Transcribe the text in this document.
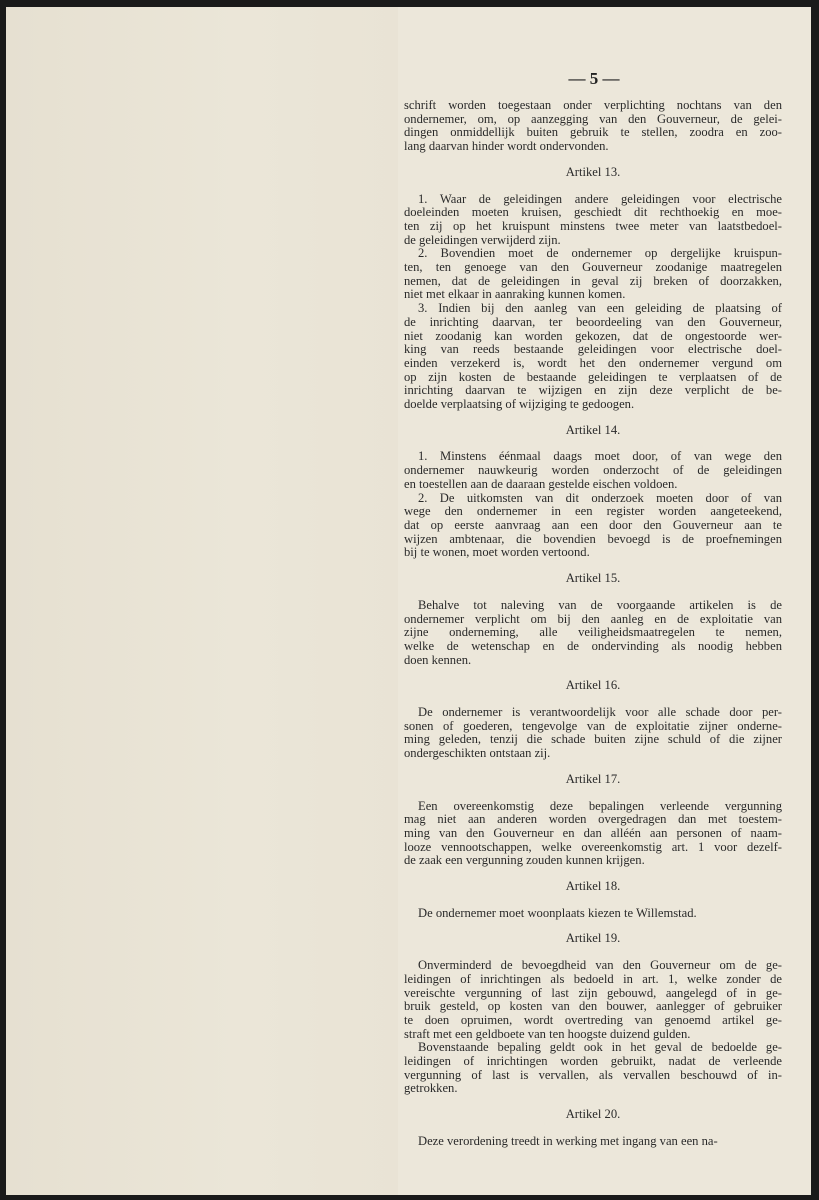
— 5 —

schrift worden toegestaan onder verplichting nochtans van den

ondernemer, om, op aanzegging van den Gouverneur, de gelei-

dingen onmiddellijk buiten gebruik te stellen, zoodra en zoo-

lang daarvan hinder wordt ondervonden.

Artikel 13.

1. Waar de geleidingen andere geleidingen voor electrische

doeleinden moeten kruisen, geschiedt dit rechthoekig en moe-

ten zij op het kruispunt minstens twee meter van laatstbedoel-

de geleidingen verwijderd zijn.

2. Bovendien moet de ondernemer op dergelijke kruispun-

ten, ten genoege van den Gouverneur zoodanige maatregelen

nemen, dat de geleidingen in geval zij breken of doorzakken,

niet met elkaar in aanraking kunnen komen.

3. Indien bij den aanleg van een geleiding de plaatsing of

de inrichting daarvan, ter beoordeeling van den Gouverneur,

niet zoodanig kan worden gekozen, dat de ongestoorde wer-

king van reeds bestaande geleidingen voor electrische doel-

einden verzekerd is, wordt het den ondernemer vergund om

op zijn kosten de bestaande geleidingen te verplaatsen of de

inrichting daarvan te wijzigen en zijn deze verplicht de be-

doelde verplaatsing of wijziging te gedoogen.

Artikel 14.

1. Minstens éénmaal daags moet door, of van wege den

ondernemer nauwkeurig worden onderzocht of de geleidingen

en toestellen aan de daaraan gestelde eischen voldoen.

2. De uitkomsten van dit onderzoek moeten door of van

wege den ondernemer in een register worden aangeteekend,

dat op eerste aanvraag aan een door den Gouverneur aan te

wijzen ambtenaar, die bovendien bevoegd is de proefnemingen

bij te wonen, moet worden vertoond.

Artikel 15.

Behalve tot naleving van de voorgaande artikelen is de

ondernemer verplicht om bij den aanleg en de exploitatie van

zijne onderneming, alle veiligheidsmaatregelen te nemen,

welke de wetenschap en de ondervinding als noodig hebben

doen kennen.

Artikel 16.

De ondernemer is verantwoordelijk voor alle schade door per-

sonen of goederen, tengevolge van de exploitatie zijner onderne-

ming geleden, tenzij die schade buiten zijne schuld of die zijner

ondergeschikten ontstaan zij.

Artikel 17.

Een overeenkomstig deze bepalingen verleende vergunning

mag niet aan anderen worden overgedragen dan met toestem-

ming van den Gouverneur en dan alléén aan personen of naam-

looze vennootschappen, welke overeenkomstig art. 1 voor dezelf-

de zaak een vergunning zouden kunnen krijgen.

Artikel 18.

De ondernemer moet woonplaats kiezen te Willemstad.

Artikel 19.

Onverminderd de bevoegdheid van den Gouverneur om de ge-

leidingen of inrichtingen als bedoeld in art. 1, welke zonder de

vereischte vergunning of last zijn gebouwd, aangelegd of in ge-

bruik gesteld, op kosten van den bouwer, aanlegger of gebruiker

te doen opruimen, wordt overtreding van genoemd artikel ge-

straft met een geldboete van ten hoogste duizend gulden.

Bovenstaande bepaling geldt ook in het geval de bedoelde ge-

leidingen of inrichtingen worden gebruikt, nadat de verleende

vergunning of last is vervallen, als vervallen beschouwd of in-

getrokken.

Artikel 20.

Deze verordening treedt in werking met ingang van een na-
